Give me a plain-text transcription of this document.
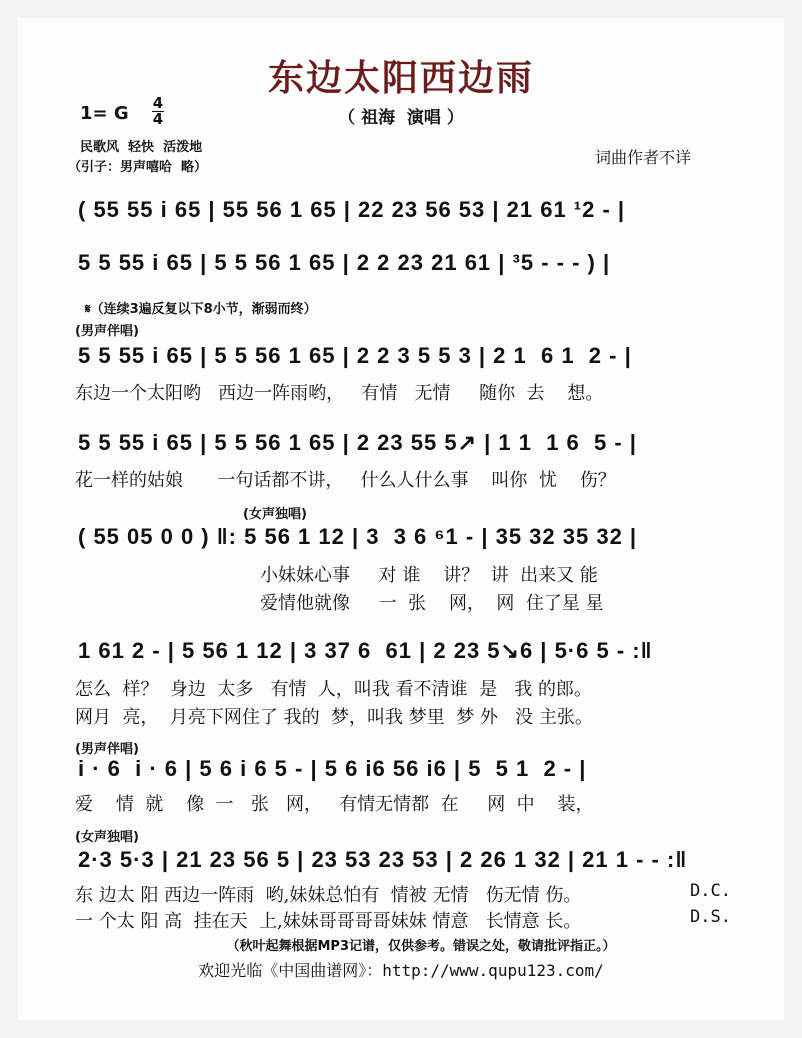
东边太阳西边雨
（ 祖海  演唱 ）
1= G 4
4
民歌风  轻快  活泼地
（引子：男声嘻哈  略）
词曲作者不详
( 55 55 i 65 | 55 56 1 65 | 22 23 56 53 | 21 61 ¹2 - |
5 5 55 i 65 | 5 5 56 1 65 | 2 2 23 21 61 | ³5 - - - ) |
𝄋（连续3遍反复以下8小节，渐弱而终）
(男声伴唱)
5 5 55 i 65 | 5 5 56 1 65 | 2 2 3 5 5 3 | 2 1  6 1  2 - |
东边一个太阳哟   西边一阵雨哟，   有情   无情     随你  去    想。
5 5 55 i 65 | 5 5 56 1 65 | 2 23 55 5↗ | 1 1  1 6  5 - |
花一样的姑娘      一句话都不讲，   什么人什么事    叫你  忧    伤？
(女声独唱)
( 55 05 0 0 ) ‖: 5 56 1 12 | 3  3 6 ⁶1 - | 35 32 35 32 |
小妹妹心事     对 谁    讲？  讲  出来又 能
爱情他就像     一  张    网，  网  住了星 星
1 61 2 - | 5 56 1 12 | 3 37 6  61 | 2 23 5↘6 | 5·6 5 - :‖
怎么  样？  身边  太多   有情  人，叫我 看不清谁  是   我 的郎。
网月  亮，  月亮下网住了 我的  梦，叫我 梦里  梦 外   没 主张。
(男声伴唱)
i · 6  i · 6 | 5 6 i 6 5 - | 5 6 i6 56 i6 | 5  5 1  2 - |
爱    情  就    像  一   张   网，   有情无情都  在     网  中    装，
(女声独唱)
2·3 5·3 | 21 23 56 5 | 23 53 23 53 | 2 26 1 32 | 21 1 - - :‖
东 边太 阳 西边一阵雨  哟,妹妹总怕有  情被 无情   伤无情 伤。
一 个太 阳 高  挂在天  上,妹妹哥哥哥哥妹妹 情意   长情意 长。
D.C.
D.S.
（秋叶起舞根据MP3记谱，仅供参考。错误之处，敬请批评指正。）
欢迎光临《中国曲谱网》：http://www.qupu123.com/
